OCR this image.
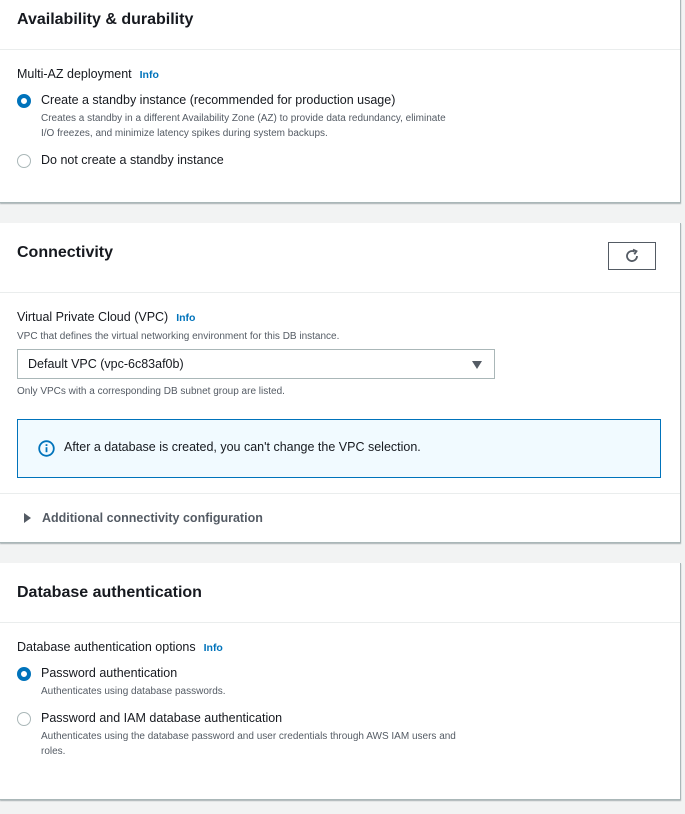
Availability & durability
Multi-AZ deployment Info
Create a standby instance (recommended for production usage)
Creates a standby in a different Availability Zone (AZ) to provide data redundancy, eliminate
I/O freezes, and minimize latency spikes during system backups.
Do not create a standby instance
Connectivity
Virtual Private Cloud (VPC) Info
VPC that defines the virtual networking environment for this DB instance.
Default VPC (vpc-6c83af0b)
Only VPCs with a corresponding DB subnet group are listed.
After a database is created, you can't change the VPC selection.
Additional connectivity configuration
Database authentication
Database authentication options Info
Password authentication
Authenticates using database passwords.
Password and IAM database authentication
Authenticates using the database password and user credentials through AWS IAM users and
roles.
